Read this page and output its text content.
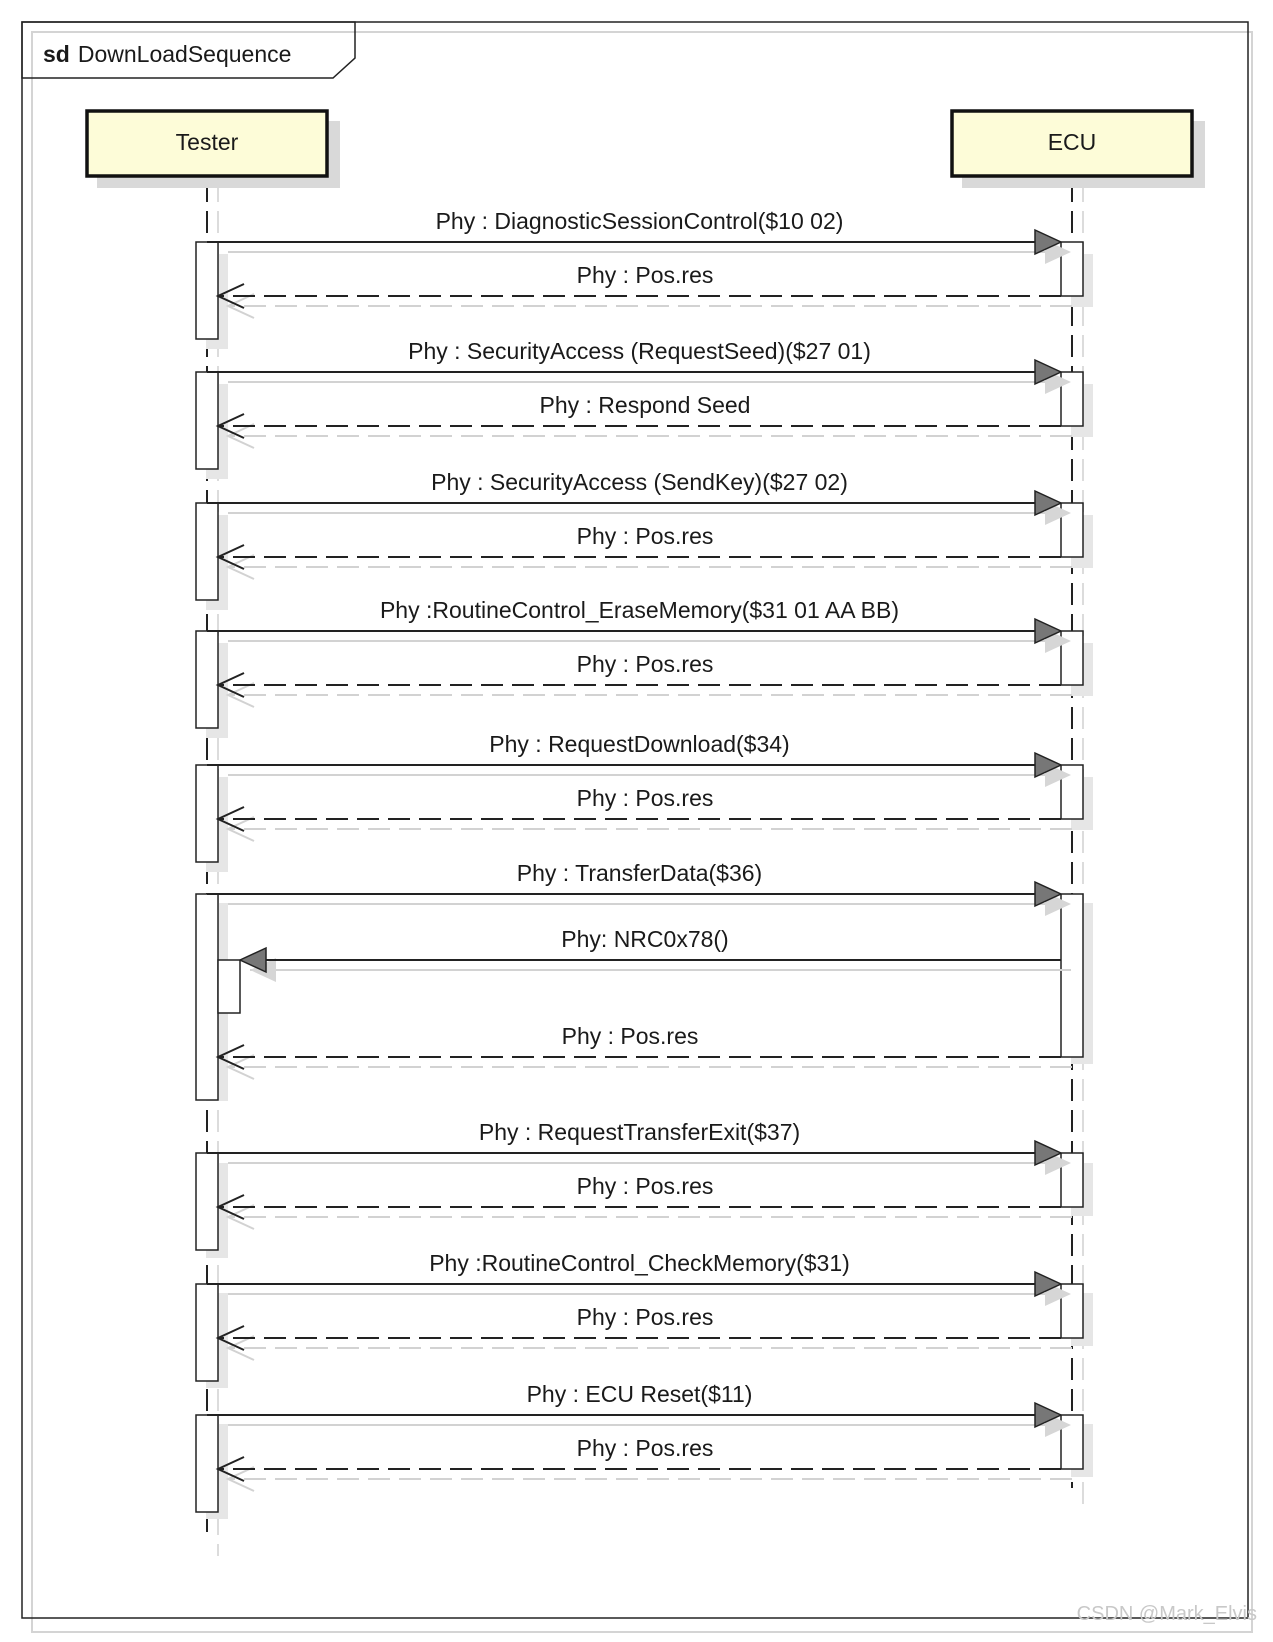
sd DownLoadSequence
Tester	ECU
Phy : DiagnosticSessionControl($10 02)
Phy : Pos.res
Phy : SecurityAccess (RequestSeed)($27 01)
Phy : Respond Seed
Phy : SecurityAccess (SendKey)($27 02)
Phy : Pos.res
Phy :RoutineControl_EraseMemory($31 01 AA BB)
Phy : Pos.res
Phy : RequestDownload($34)
Phy : Pos.res
Phy : TransferData($36)
Phy: NRC0x78()
Phy : Pos.res
Phy : RequestTransferExit($37)
Phy : Pos.res
Phy :RoutineControl_CheckMemory($31)
Phy : Pos.res
Phy : ECU Reset($11)
Phy : Pos.res
CSDN @Mark_Elvis
